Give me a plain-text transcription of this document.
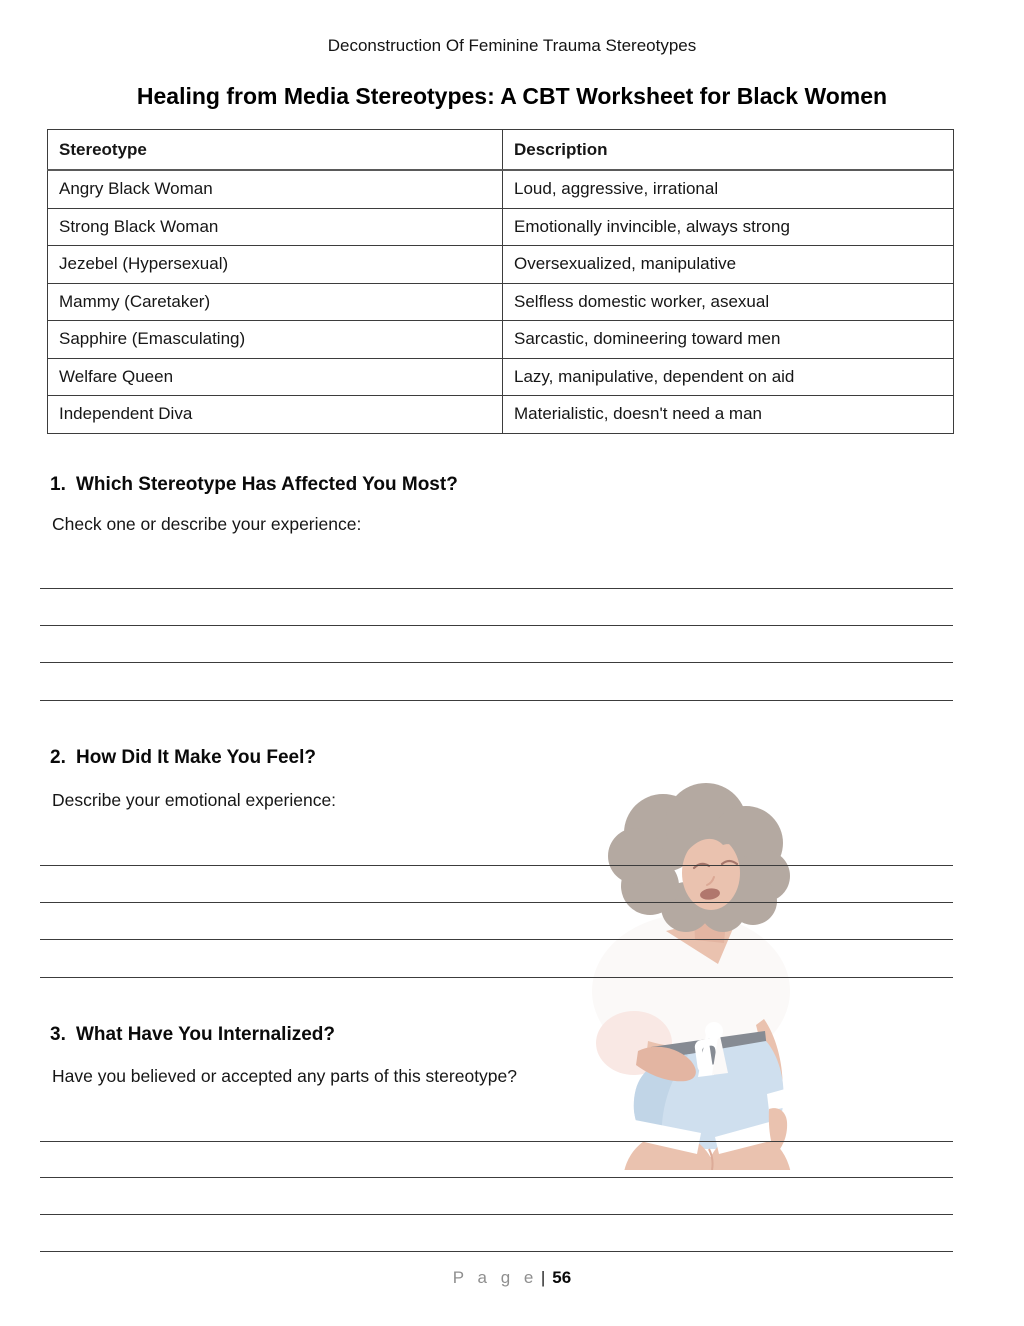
Deconstruction Of Feminine Trauma Stereotypes
Healing from Media Stereotypes: A CBT Worksheet for Black Women
Stereotype	Description
Angry Black Woman	Loud, aggressive, irrational
Strong Black Woman	Emotionally invincible, always strong
Jezebel (Hypersexual)	Oversexualized, manipulative
Mammy (Caretaker)	Selfless domestic worker, asexual
Sapphire (Emasculating)	Sarcastic, domineering toward men
Welfare Queen	Lazy, manipulative, dependent on aid
Independent Diva	Materialistic, doesn't need a man
1. Which Stereotype Has Affected You Most?
Check one or describe your experience:
2. How Did It Make You Feel?
Describe your emotional experience:
3. What Have You Internalized?
Have you believed or accepted any parts of this stereotype?
P a g e | 56
